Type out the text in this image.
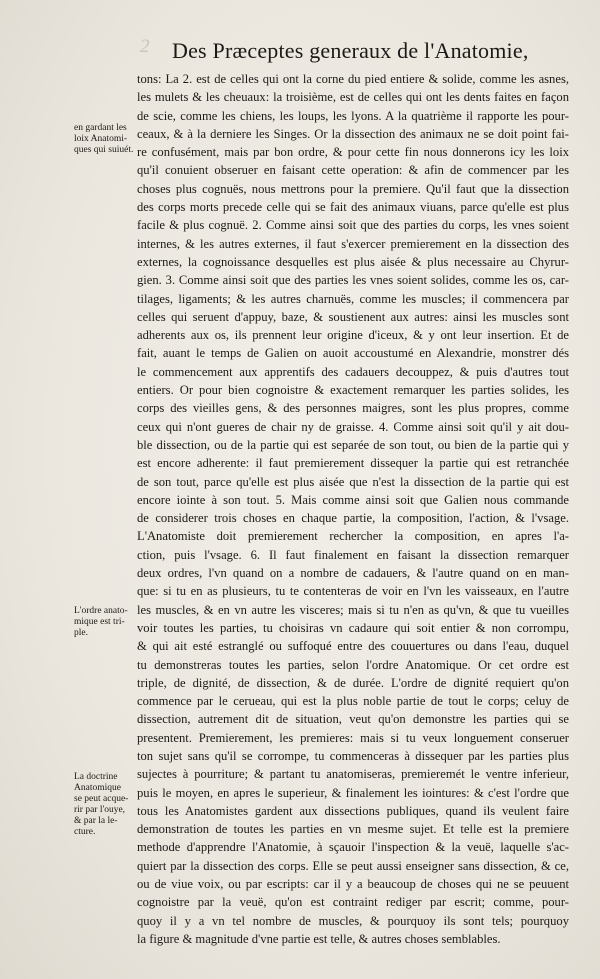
2 Des Præceptes generaux de l'Anatomie,
tons: La 2. est de celles qui ont la corne du pied entiere & solide, comme les asnes,
les mulets & les cheuaux: la troisième, est de celles qui ont les dents faites en façon
de scie, comme les chiens, les loups, les lyons. A la quatrième il rapporte les pour-
ceaux, & à la derniere les Singes. Or la dissection des animaux ne se doit point fai-
re confusément, mais par bon ordre, & pour cette fin nous donnerons icy les loix
qu'il conuient obseruer en faisant cette operation: & afin de commencer par les
choses plus cognuës, nous mettrons pour la premiere. Qu'il faut que la dissection
des corps morts precede celle qui se fait des animaux viuans, parce qu'elle est plus
facile & plus cognuë. 2. Comme ainsi soit que des parties du corps, les vnes soient
internes, & les autres externes, il faut s'exercer premierement en la dissection des
externes, la cognoissance desquelles est plus aisée & plus necessaire au Chyrur-
gien. 3. Comme ainsi soit que des parties les vnes soient solides, comme les os, car-
tilages, ligaments; & les autres charnuës, comme les muscles; il commencera par
celles qui seruent d'appuy, baze, & soustienent aux autres: ainsi les muscles sont
adherents aux os, ils prennent leur origine d'iceux, & y ont leur insertion. Et de
fait, auant le temps de Galien on auoit accoustumé en Alexandrie, monstrer dés
le commencement aux apprentifs des cadauers decouppez, & puis d'autres tout
entiers. Or pour bien cognoistre & exactement remarquer les parties solides, les
corps des vieilles gens, & des personnes maigres, sont les plus propres, comme
ceux qui n'ont gueres de chair ny de graisse. 4. Comme ainsi soit qu'il y ait dou-
ble dissection, ou de la partie qui est separée de son tout, ou bien de la partie qui y
est encore adherente: il faut premierement dissequer la partie qui est retranchée
de son tout, parce qu'elle est plus aisée que n'est la dissection de la partie qui est
encore iointe à son tout. 5. Mais comme ainsi soit que Galien nous commande
de considerer trois choses en chaque partie, la composition, l'action, & l'vsage.
L'Anatomiste doit premierement rechercher la composition, en apres l'a-
ction, puis l'vsage. 6. Il faut finalement en faisant la dissection remarquer
deux ordres, l'vn quand on a nombre de cadauers, & l'autre quand on en man-
que: si tu en as plusieurs, tu te contenteras de voir en l'vn les vaisseaux, en l'autre
les muscles, & en vn autre les visceres; mais si tu n'en as qu'vn, & que tu vueilles
voir toutes les parties, tu choisiras vn cadaure qui soit entier & non corrompu,
& qui ait esté estranglé ou suffoqué entre des couuertures ou dans l'eau, duquel
tu demonstreras toutes les parties, selon l'ordre Anatomique. Or cet ordre est
triple, de dignité, de dissection, & de durée. L'ordre de dignité requiert qu'on
commence par le cerueau, qui est la plus noble partie de tout le corps; celuy de
dissection, autrement dit de situation, veut qu'on demonstre les parties qui se
presentent. Premierement, les premieres: mais si tu veux longuement conseruer
ton sujet sans qu'il se corrompe, tu commenceras à dissequer par les parties plus
sujectes à pourriture; & partant tu anatomiseras, premieremét le ventre inferieur,
puis le moyen, en apres le superieur, & finalement les iointures: & c'est l'ordre que
tous les Anatomistes gardent aux dissections publiques, quand ils veulent faire
demonstration de toutes les parties en vn mesme sujet. Et telle est la premiere
methode d'apprendre l'Anatomie, à sçauoir l'inspection & la veuë, laquelle s'ac-
quiert par la dissection des corps. Elle se peut aussi enseigner sans dissection, & ce,
ou de viue voix, ou par escripts: car il y a beaucoup de choses qui ne se peuuent
cognoistre par la veuë, qu'on est contraint rediger par escrit; comme, pour-
quoy il y a vn tel nombre de muscles, & pourquoy ils sont tels; pourquoy
la figure & magnitude d'vne partie est telle, & autres choses semblables.
en gardant les
loix Anatomi-
ques qui suiuét.
L'ordre anato-
mique est tri-
ple.
La doctrine
Anatomique
se peut acque-
rir par l'ouye,
& par la le-
cture.
